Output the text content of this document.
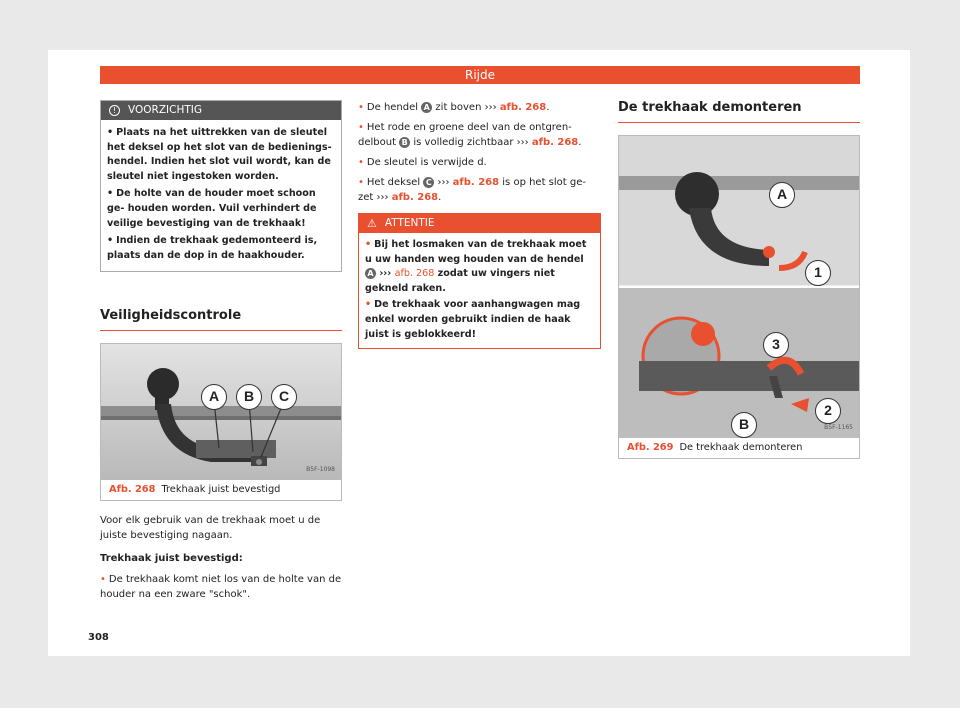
Rijde
!	VOORZICHTIG

• Plaats na het uittrekken van de sleutel het deksel op het slot van de bedienings- hendel. Indien het slot vuil wordt, kan de sleutel niet ingestoken worden.

• De holte van de houder moet schoon ge- houden worden. Vuil verhindert de veilige bevestiging van de trekhaak!

• Indien de trekhaak gedemonteerd is, plaats dan de dop in de haakhouder.

Veiligheidscontrole
A	B	C
B5F-1098
Afb. 268 Trekhaak juist bevestigd

Voor elk gebruik van de trekhaak moet u de juiste bevestiging nagaan.

Trekhaak juist bevestigd:

• De trekhaak komt niet los van de holte van de houder na een zware "schok".

• De hendel A zit boven ››› afb. 268.

• Het rode en groene deel van de ontgren- delbout B is volledig zichtbaar ››› afb. 268.

• De sleutel is verwijde d.

• Het deksel C ››› afb. 268 is op het slot ge- zet ››› afb. 268.

⚠ ATTENTIE

• Bij het losmaken van de trekhaak moet u uw handen weg houden van de hendel A ››› afb. 268 zodat uw vingers niet gekneld raken.

• De trekhaak voor aanhangwagen mag enkel worden gebruikt indien de haak juist is geblokkeerd!

De trekhaak demonteren
A
1
3
2
B	B5F-1165
Afb. 269 De trekhaak demonteren
308
